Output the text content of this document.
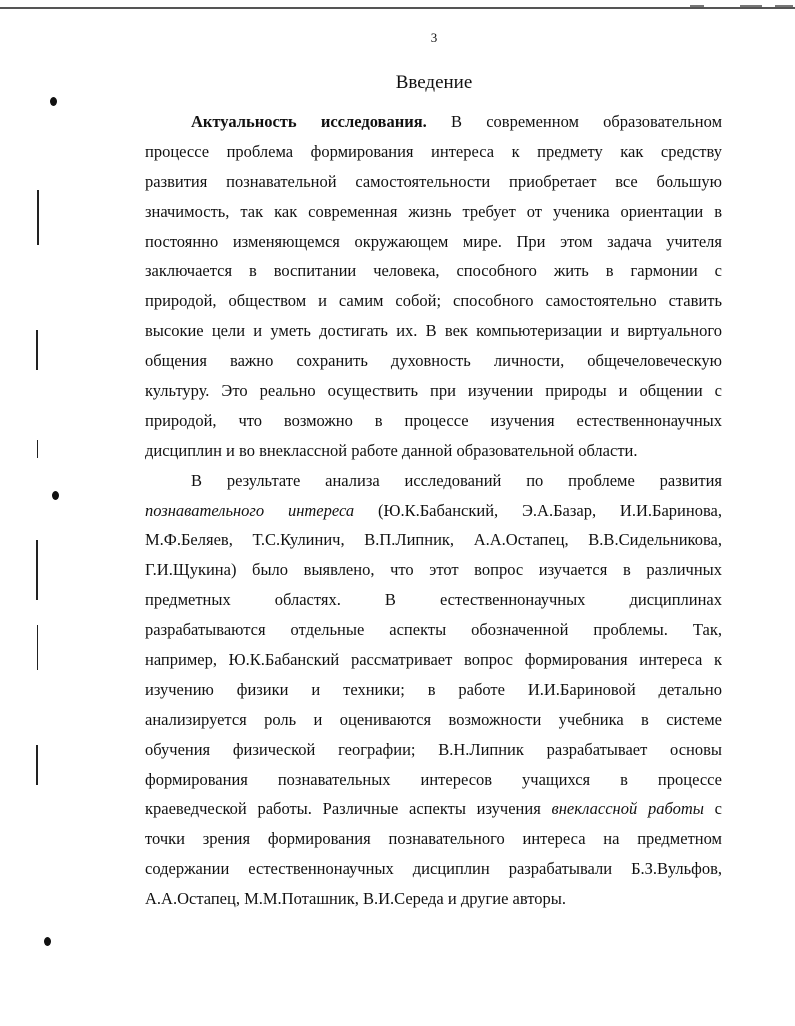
3
Введение
Актуальность исследования. В современном образовательном
процессе проблема формирования интереса к предмету как средству
развития познавательной самостоятельности приобретает все большую
значимость, так как современная жизнь требует от ученика ориентации в
постоянно изменяющемся окружающем мире. При этом задача учителя
заключается в воспитании человека, способного жить в гармонии с
природой, обществом и самим собой; способного самостоятельно ставить
высокие цели и уметь достигать их. В век компьютеризации и виртуального
общения важно сохранить духовность личности, общечеловеческую
культуру. Это реально осуществить при изучении природы и общении с
природой, что возможно в процессе изучения естественнонаучных
дисциплин и во внеклассной работе данной образовательной области.
В результате анализа исследований по проблеме развития
познавательного интереса (Ю.К.Бабанский, Э.А.Базар, И.И.Баринова,
М.Ф.Беляев, Т.С.Кулинич, В.П.Липник, А.А.Остапец, В.В.Сидельникова,
Г.И.Щукина) было выявлено, что этот вопрос изучается в различных
предметных областях. В естественнонаучных дисциплинах
разрабатываются отдельные аспекты обозначенной проблемы. Так,
например, Ю.К.Бабанский рассматривает вопрос формирования интереса к
изучению физики и техники; в работе И.И.Бариновой детально
анализируется роль и оцениваются возможности учебника в системе
обучения физической географии; В.Н.Липник разрабатывает основы
формирования познавательных интересов учащихся в процессе
краеведческой работы. Различные аспекты изучения внеклассной работы с
точки зрения формирования познавательного интереса на предметном
содержании естественнонаучных дисциплин разрабатывали Б.З.Вульфов,
А.А.Остапец, М.М.Поташник, В.И.Середа и другие авторы.
